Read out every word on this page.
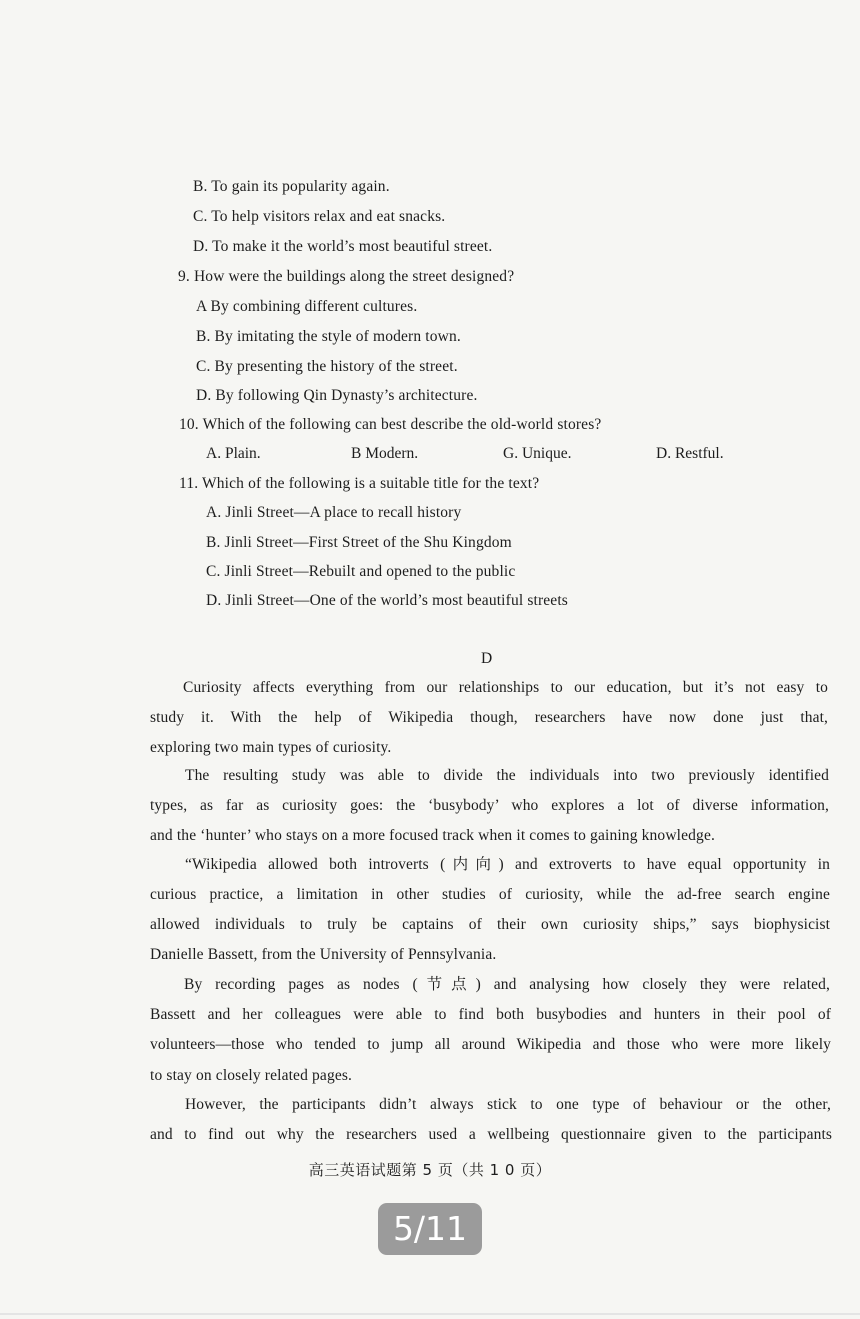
B. To gain its popularity again.
C. To help visitors relax and eat snacks.
D. To make it the world’s most beautiful street.
9. How were the buildings along the street designed?
A By combining different cultures.
B. By imitating the style of modern town.
C. By presenting the history of the street.
D. By following Qin Dynasty’s architecture.
10. Which of the following can best describe the old-world stores?
A. Plain.	B Modern.	G. Unique.	D. Restful.
11. Which of the following is a suitable title for the text?
A. Jinli Street—A place to recall history
B. Jinli Street—First Street of the Shu Kingdom
C. Jinli Street—Rebuilt and opened to the public
D. Jinli Street—One of the world’s most beautiful streets
D
Curiosity affects everything from our relationships to our education, but it’s not easy to
study it. With the help of Wikipedia though, researchers have now done just that,
exploring two main types of curiosity.
The resulting study was able to divide the individuals into two previously identified
types, as far as curiosity goes: the ‘busybody’ who explores a lot of diverse information,
and the ‘hunter’ who stays on a more focused track when it comes to gaining knowledge.
“Wikipedia allowed both introverts (内向) and extroverts to have equal opportunity in
curious practice, a limitation in other studies of curiosity, while the ad-free search engine
allowed individuals to truly be captains of their own curiosity ships,” says biophysicist
Danielle Bassett, from the University of Pennsylvania.
By recording pages as nodes (节点) and analysing how closely they were related,
Bassett and her colleagues were able to find both busybodies and hunters in their pool of
volunteers—those who tended to jump all around Wikipedia and those who were more likely
to stay on closely related pages.
However, the participants didn’t always stick to one type of behaviour or the other,
and to find out why the researchers used a wellbeing questionnaire given to the participants
高三英语试题第 5 页（共 1 0 页）
5/11
